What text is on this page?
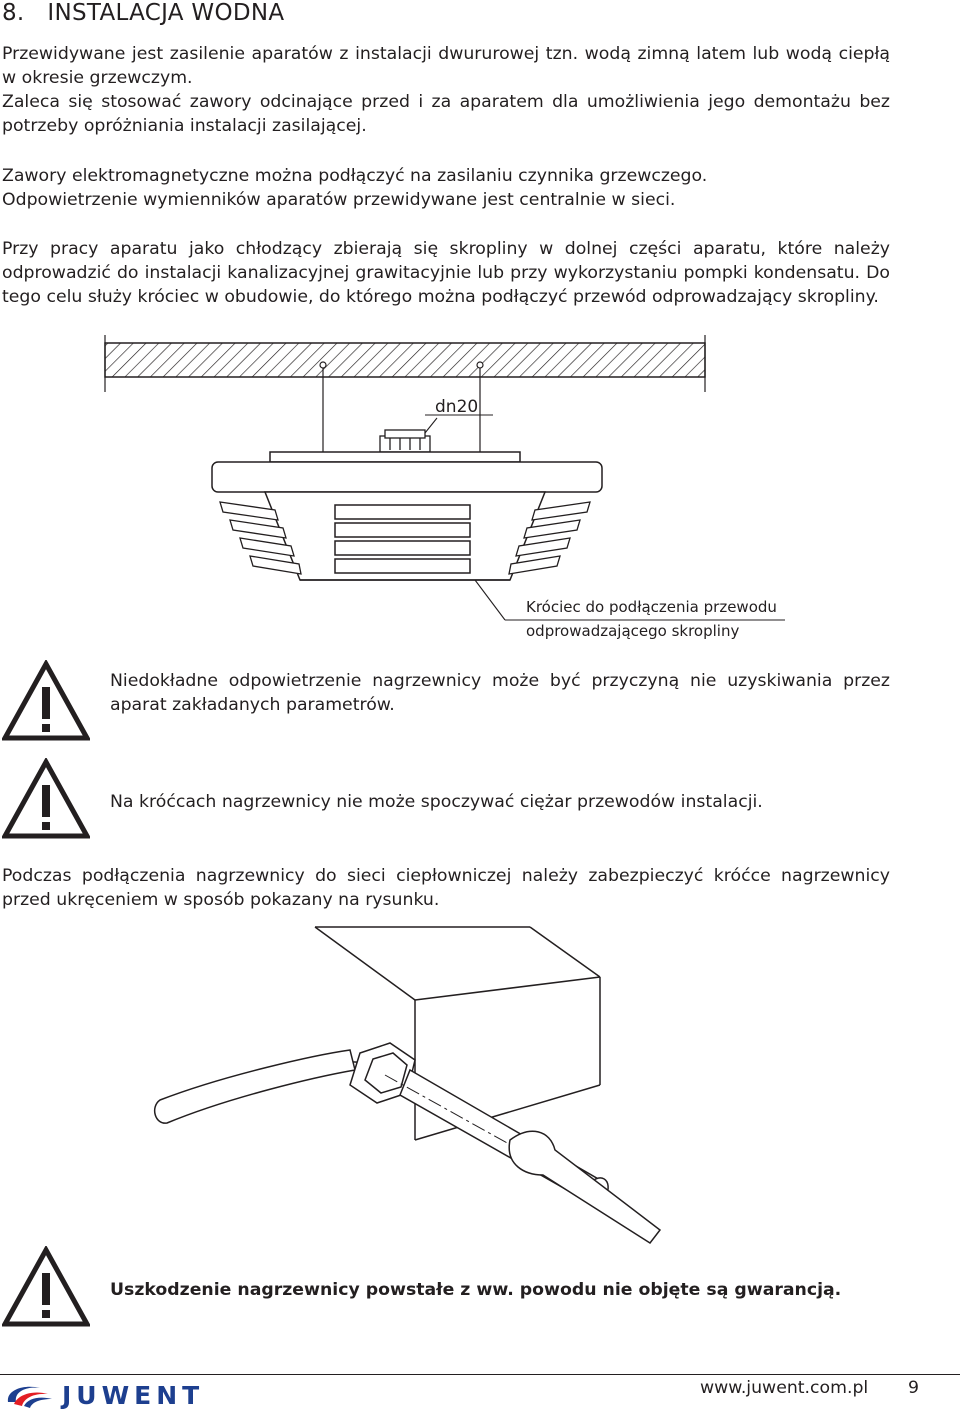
8. INSTALACJA WODNA

Przewidywane jest zasilenie aparatów z instalacji dwururowej tzn. wodą zimną latem lub wodą ciepłą w okresie grzewczym.

Zaleca się stosować zawory odcinające przed i za aparatem dla umożliwienia jego demontażu bez potrzeby opróżniania instalacji zasilającej.

Zawory elektromagnetyczne można podłączyć na zasilaniu czynnika grzewczego.

Odpowietrzenie wymienników aparatów przewidywane jest centralnie w sieci.

Przy pracy aparatu jako chłodzący zbierają się skropliny w dolnej części aparatu, które należy odprowadzić do instalacji kanalizacyjnej grawitacyjnie lub przy wykorzystaniu pompki kondensatu. Do tego celu służy króciec w obudowie, do którego można podłączyć przewód odprowadzający skropliny.

dn20
Króciec do podłączenia przewodu
odprowadzającego skropliny
Niedokładne odpowietrzenie nagrzewnicy może być przyczyną nie uzyskiwania przez aparat zakładanych parametrów.
Na króćcach nagrzewnicy nie może spoczywać ciężar przewodów instalacji.

Podczas podłączenia nagrzewnicy do sieci ciepłowniczej należy zabezpieczyć króćce nagrzewnicy przed ukręceniem w sposób pokazany na rysunku.

Uszkodzenie nagrzewnicy powstałe z ww. powodu nie objęte są gwarancją.
JUWENT	www.juwent.com.pl 9
